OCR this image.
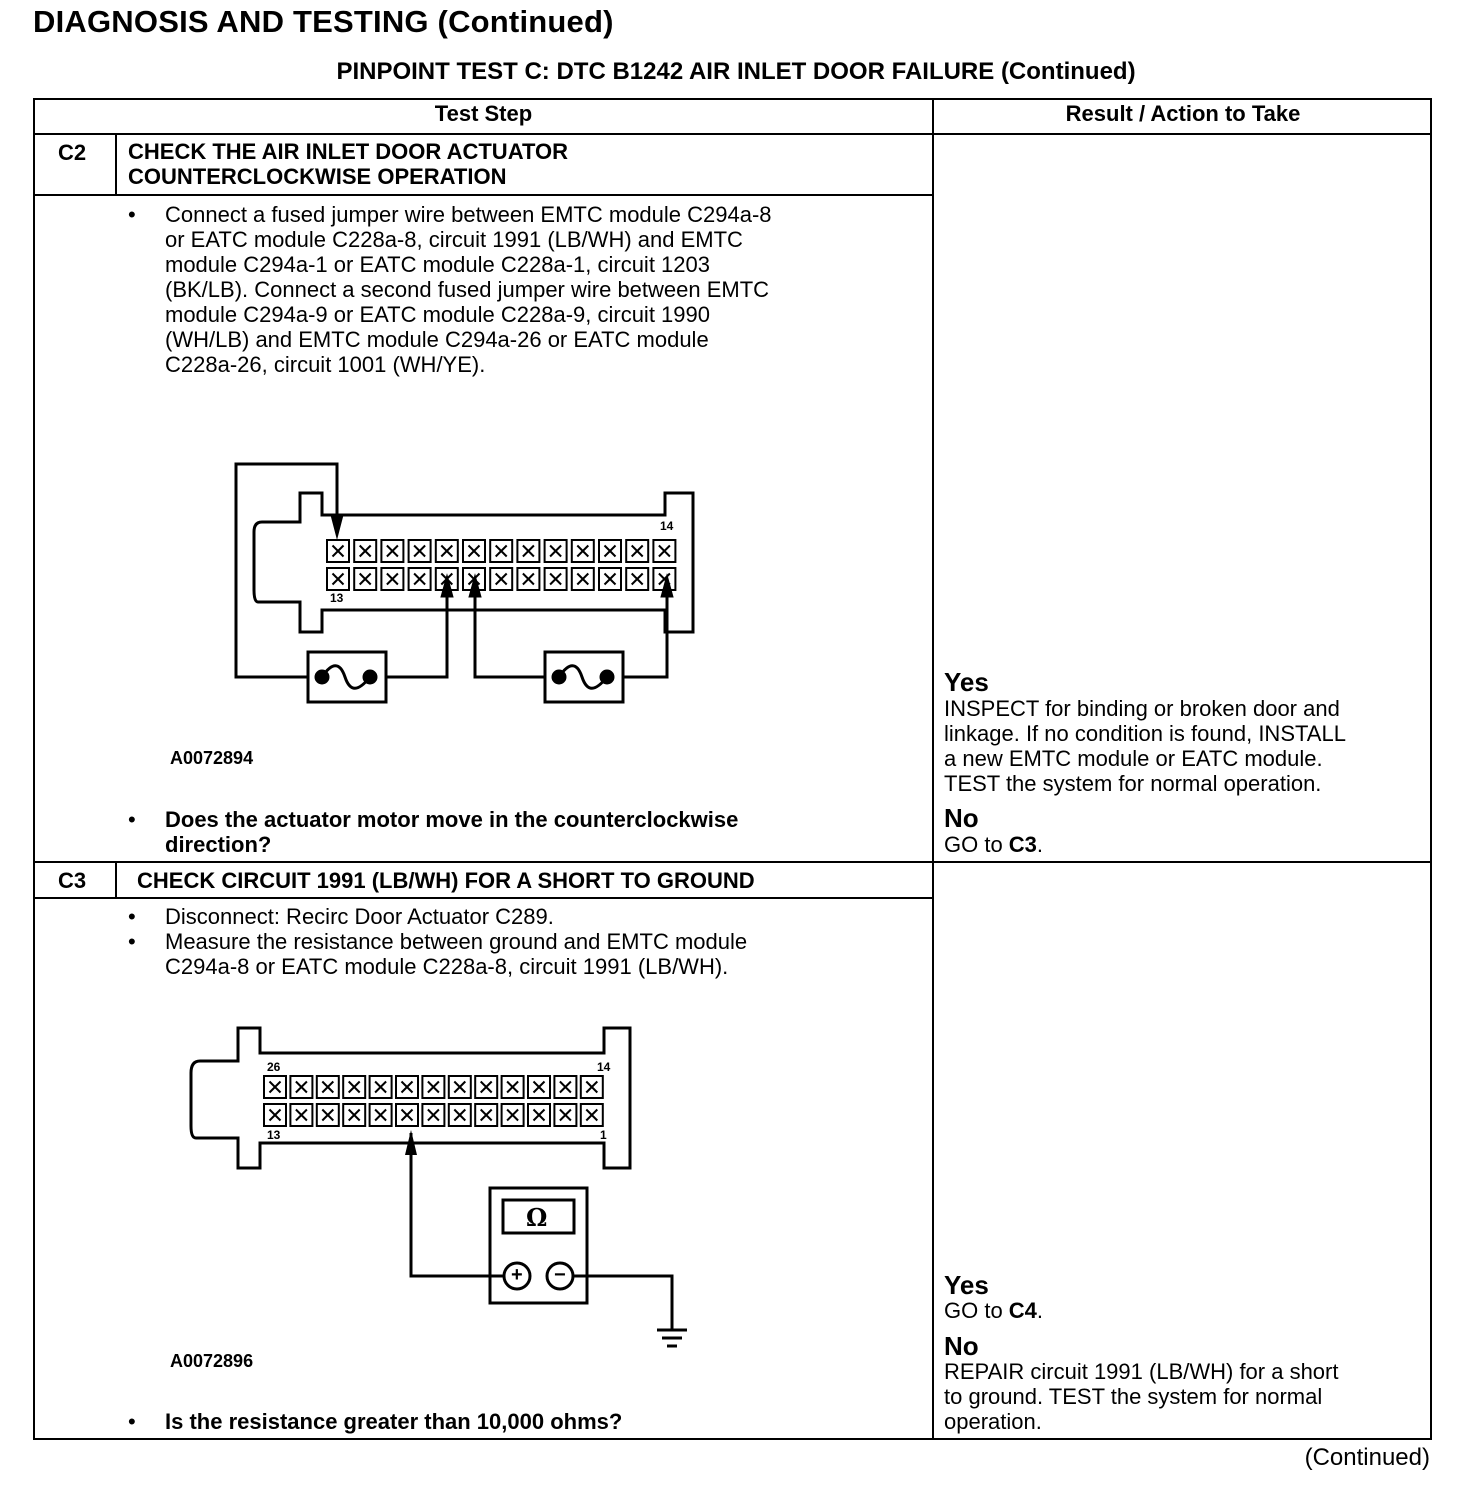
DIAGNOSIS AND TESTING (Continued)
PINPOINT TEST C: DTC B1242 AIR INLET DOOR FAILURE (Continued)
Test Step	Result / Action to Take
C2 CHECK THE AIR INLET DOOR ACTUATOR
COUNTERCLOCKWISE OPERATION
• Connect a fused jumper wire between EMTC module C294a-8
or EATC module C228a-8, circuit 1991 (LB/WH) and EMTC
module C294a-1 or EATC module C228a-1, circuit 1203
(BK/LB). Connect a second fused jumper wire between EMTC
module C294a-9 or EATC module C228a-9, circuit 1990
(WH/LB) and EMTC module C294a-26 or EATC module
C228a-26, circuit 1001 (WH/YE).
14
13
A0072894
• Does the actuator motor move in the counterclockwise
direction?
Yes
INSPECT for binding or broken door and
linkage. If no condition is found, INSTALL
a new EMTC module or EATC module.
TEST the system for normal operation.
No
GO to C3.
C3 CHECK CIRCUIT 1991 (LB/WH) FOR A SHORT TO GROUND
• Disconnect: Recirc Door Actuator C289.
• Measure the resistance between ground and EMTC module
C294a-8 or EATC module C228a-8, circuit 1991 (LB/WH).
Ω
+ −
26	14
13	1
A0072896
• Is the resistance greater than 10,000 ohms?
Yes
GO to C4.
No
REPAIR circuit 1991 (LB/WH) for a short
to ground. TEST the system for normal
operation.
(Continued)
